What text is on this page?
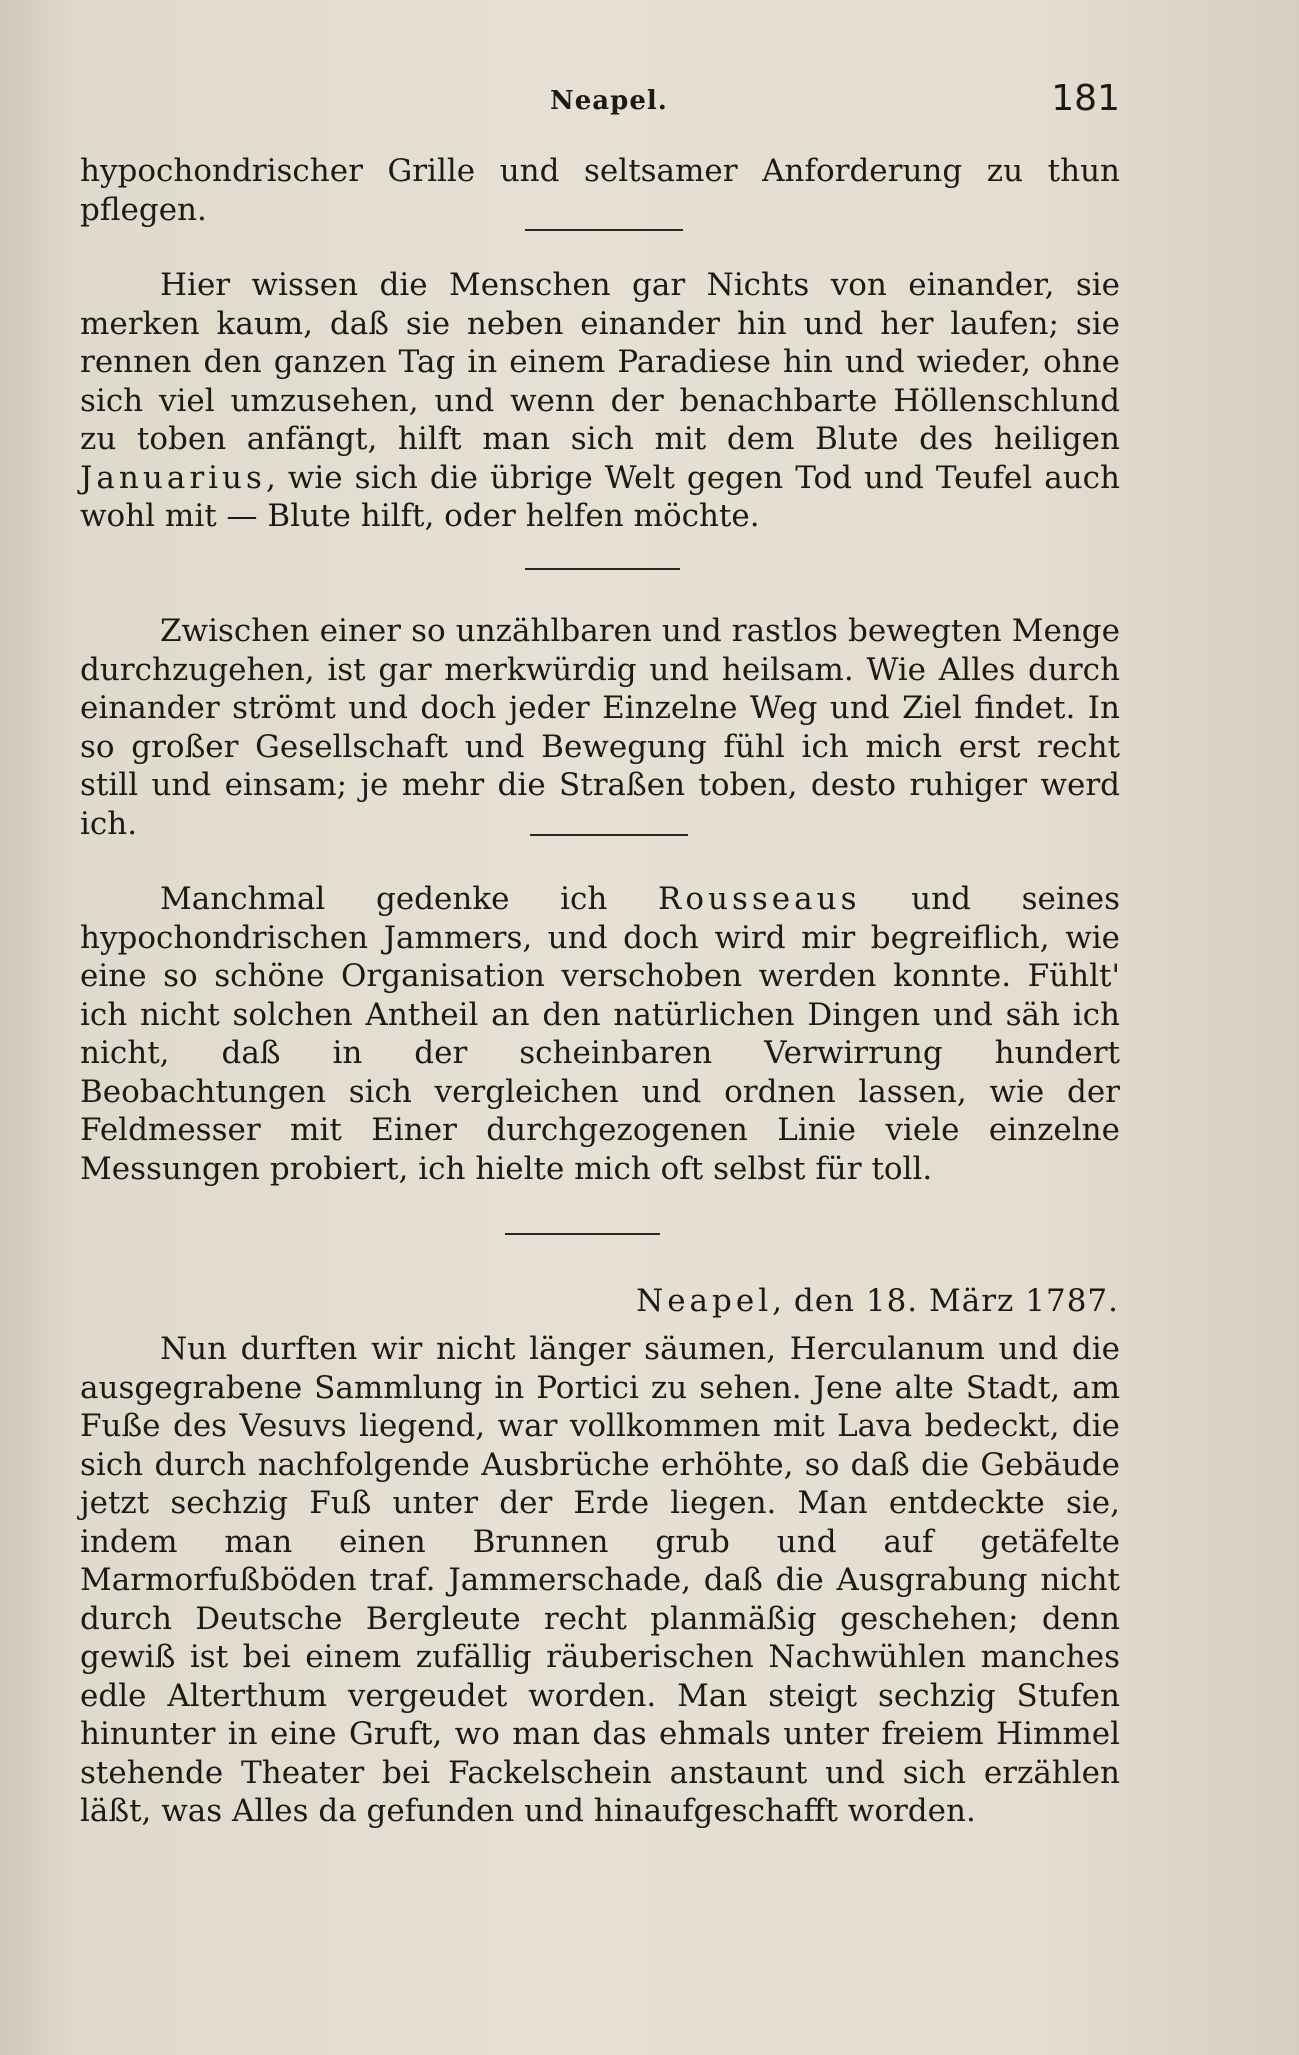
Neapel.	181
hypochondrischer Grille und seltsamer Anforderung zu thun
pflegen.

Hier wissen die Menschen gar Nichts von einander, sie merken kaum, daß sie neben einander hin und her laufen; sie rennen den ganzen Tag in einem Paradiese hin und wieder, ohne sich viel umzusehen, und wenn der benachbarte Höllenschlund zu toben anfängt, hilft man sich mit dem Blute des heiligen Januarius, wie sich die übrige Welt gegen Tod und Teufel auch wohl mit — Blute hilft, oder helfen möchte.

Zwischen einer so unzählbaren und rastlos bewegten Menge durchzugehen, ist gar merkwürdig und heilsam. Wie Alles durch einander strömt und doch jeder Einzelne Weg und Ziel findet. In so großer Gesellschaft und Bewegung fühl ich mich erst recht still und einsam; je mehr die Straßen toben, desto ruhiger werd ich.

Manchmal gedenke ich Rousseaus und seines hypochondrischen Jammers, und doch wird mir begreiflich, wie eine so schöne Organisation verschoben werden konnte. Fühlt' ich nicht solchen Antheil an den natürlichen Dingen und säh ich nicht, daß in der scheinbaren Verwirrung hundert Beobachtungen sich vergleichen und ordnen lassen, wie der Feldmesser mit Einer durchgezogenen Linie viele einzelne Messungen probiert, ich hielte mich oft selbst für toll.

Neapel, den 18. März 1787.

Nun durften wir nicht länger säumen, Herculanum und die ausgegrabene Sammlung in Portici zu sehen. Jene alte Stadt, am Fuße des Vesuvs liegend, war vollkommen mit Lava bedeckt, die sich durch nachfolgende Ausbrüche erhöhte, so daß die Gebäude jetzt sechzig Fuß unter der Erde liegen. Man entdeckte sie, indem man einen Brunnen grub und auf getäfelte Marmorfußböden traf. Jammerschade, daß die Ausgrabung nicht durch Deutsche Bergleute recht planmäßig geschehen; denn gewiß ist bei einem zufällig räuberischen Nachwühlen manches edle Alterthum vergeudet worden. Man steigt sechzig Stufen hinunter in eine Gruft, wo man das ehmals unter freiem Himmel stehende Theater bei Fackelschein anstaunt und sich erzählen läßt, was Alles da gefunden und hinaufgeschafft worden.
